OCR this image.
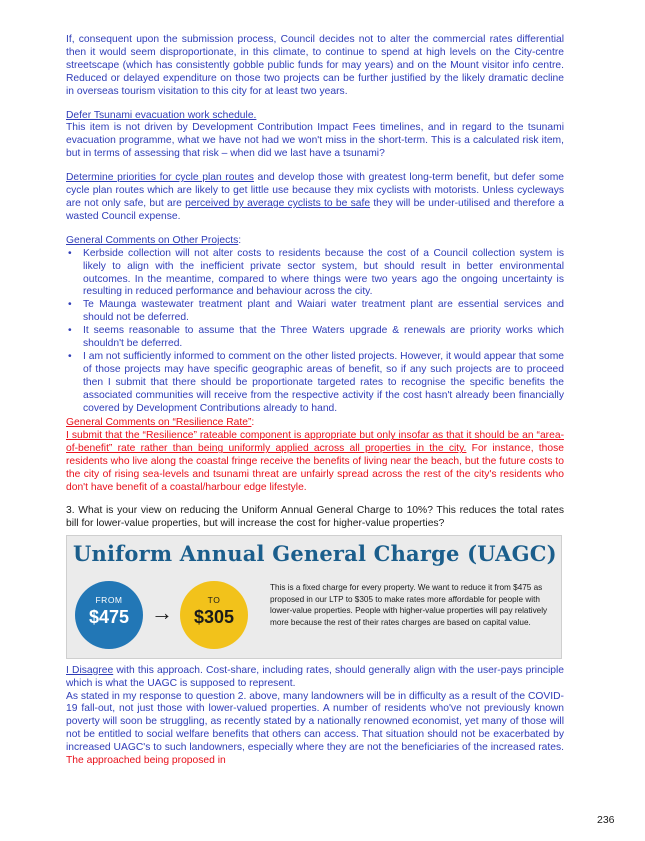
If, consequent upon the submission process, Council decides not to alter the commercial rates differential then it would seem disproportionate, in this climate, to continue to spend at high levels on the City-centre streetscape (which has consistently gobble public funds for may years) and on the Mount visitor info centre. Reduced or delayed expenditure on those two projects can be further justified by the likely dramatic decline in overseas tourism visitation to this city for at least two years.

Defer Tsunami evacuation work schedule.
This item is not driven by Development Contribution Impact Fees timelines, and in regard to the tsunami evacuation programme, what we have not had we won't miss in the short-term. This is a calculated risk item, but in terms of assessing that risk – when did we last have a tsunami?

Determine priorities for cycle plan routes and develop those with greatest long-term benefit, but defer some cycle plan routes which are likely to get little use because they mix cyclists with motorists. Unless cycleways are not only safe, but are perceived by average cyclists to be safe they will be under-utilised and therefore a wasted Council expense.

General Comments on Other Projects:

• Kerbside collection will not alter costs to residents because the cost of a Council collection system is likely to align with the inefficient private sector system, but should result in better environmental outcomes. In the meantime, compared to where things were two years ago the ongoing uncertainty is resulting in reduced performance and behaviour across the city.
• Te Maunga wastewater treatment plant and Waiari water treatment plant are essential services and should not be deferred.
• It seems reasonable to assume that the Three Waters upgrade & renewals are priority works which shouldn't be deferred.
• I am not sufficiently informed to comment on the other listed projects. However, it would appear that some of those projects may have specific geographic areas of benefit, so if any such projects are to proceed then I submit that there should be proportionate targeted rates to recognise the specific benefits the associated communities will receive from the respective activity if the cost hasn't already been financially covered by Development Contributions already to hand.

General Comments on “Resilience Rate”:
I submit that the “Resilience” rateable component is appropriate but only insofar as that it should be an “area-of-benefit” rate rather than being uniformly applied across all properties in the city. For instance, those residents who live along the coastal fringe receive the benefits of living near the beach, but the future costs to the city of rising sea-levels and tsunami threat are unfairly spread across the rest of the city's residents who don't have benefit of a coastal/harbour edge lifestyle.

3. What is your view on reducing the Uniform Annual General Charge to 10%? This reduces the total rates bill for lower-value properties, but will increase the cost for higher-value properties?

Uniform Annual General Charge (UAGC)
FROM
$475 →	TO
$305
This is a fixed charge for every property. We want to reduce it from $475 as proposed in our LTP to $305 to make rates more affordable for people with lower-value properties. People with higher-value properties will pay relatively more because the rest of their rates charges are based on capital value.

I Disagree with this approach. Cost-share, including rates, should generally align with the user-pays principle which is what the UAGC is supposed to represent.

As stated in my response to question 2. above, many landowners will be in difficulty as a result of the COVID-19 fall-out, not just those with lower-valued properties. A number of residents who've not previously known poverty will soon be struggling, as recently stated by a nationally renowned economist, yet many of those will not be entitled to social welfare benefits that others can access. That situation should not be exacerbated by increased UAGC's to such landowners, especially where they are not the beneficiaries of the increased rates. The approached being proposed in

236
